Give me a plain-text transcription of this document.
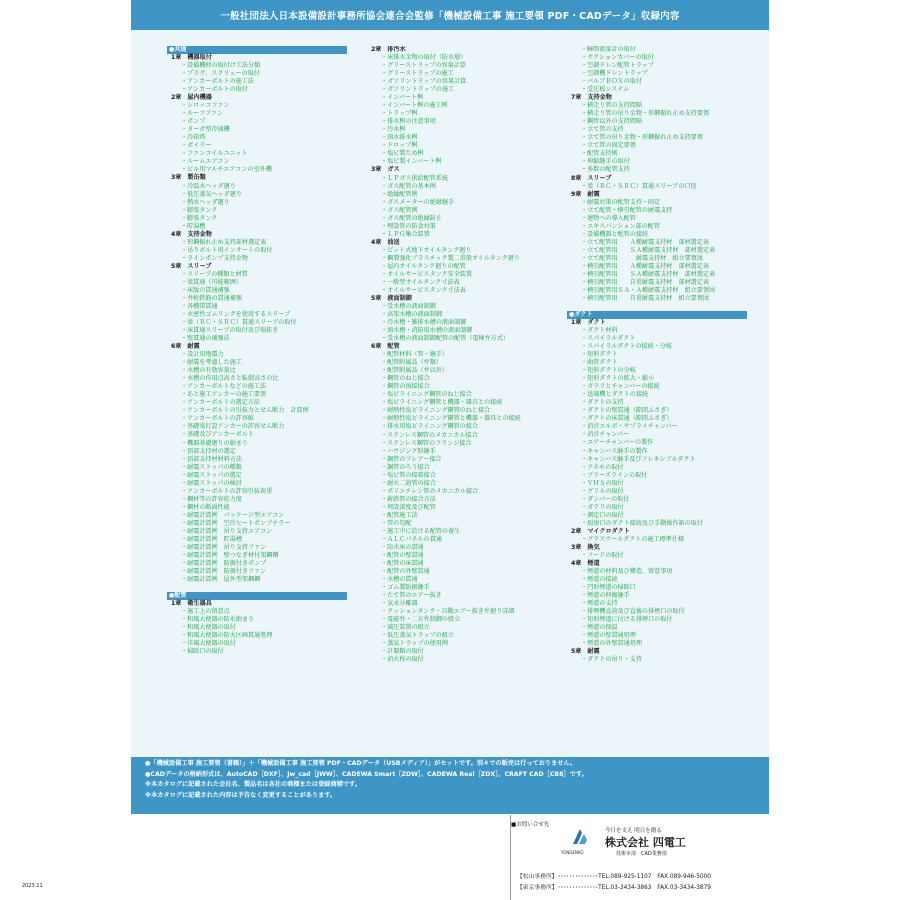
一般社団法人日本設備設計事務所協会連合会監修「機械設備工事 施工要領 PDF・CADデータ」収録内容
●共通
1章　機器取付
・設備機材の取付け工法分類
・プラグ、スクリューの取付
・アンカーボルトの施工法
・アンカーボルトの取付
2章　屋内機器
・シロッコファン
・ルーフファン
・ポンプ
・ターボ型冷凍機
・冷却塔
・ボイラー
・ファンコイルユニット
・ルームエアコン
・ビル用マルチエアコンの室外機
3章　製缶類
・冷温水ヘッダ廻り
・低圧蒸気ヘッダ廻り
・熱水ヘッダ廻り
・膨張タンク
・膨張タンク
・貯湯槽
4章　支持金物
・形鋼振れ止め支持部材選定表
・吊りボルト用インサートの取付
・ラインポンプ支持金物
5章　スリーブ
・スリーブの種類と材質
・梁貫通（可能範囲）
・床版の貫通補強
・井桁鉄筋の貫通補強
・各種帯貫通
・水密性ゴムリングを使用するスリーブ
・梁（ＲＣ・ＳＲＣ）貫通スリーブの取付
・床貫通スリーブの取付及び端抜き
・壁貫通の補強法
6章　耐震
・設計用地震力
・耐震を考慮した施工
・水槽の有効容量比
・水槽の作用点高さと転倒高さの比
・アンカーボルトなどの施工法
・あと施工アンカーの施工要領
・アンカーボルトの選定方法
・アンカーボルトの引抜力とせん断力　計算例
・アンカーボルトの許容値
・基礎梁打設アンカーの許容せん断力
・基礎及びアンカーボルト
・機器基礎廻りの納まり
・頂部支持材の選定
・頂部支持材材料方法
・耐震ストッパの種類
・耐震ストッパの選定
・耐震ストッパの検討
・アンカーボルトの許容引抜荷重
・鋼材等の許容応力度
・鋼材の断面性能
・耐震計算例　パッケージ型エアコン
・耐震計算例　空冷ヒートポンプチラー
・耐震計算例　吊り支持エアコン
・耐震計算例　貯湯槽
・耐震計算例　吊り支持ファン
・耐震計算例　壁つなぎ材付架鋼鋼
・耐震計算例　防振付きポンプ
・耐震計算例　防振付きファン
・耐震計算例　屋外型架鋼鋼
●配管
1章　衛生器具
・施工上の留意点
・和風大便器の防水納まり
・和風大便器の取付
・和風大便器の防火区画貫通処理
・洋風大便器の取付
・掃除口の取付
2章　排汚水
・床排水金物の取付（防水層）
・グリーストラップの容量計算
・グリーストラップの施工
・ガソリントラップの容量計算
・ガソリントラップの施工
・インバート桝
・インバート桝の施工例
・トラップ桝
・排水桝の注意事項
・汚水桝
・雨水排水桝
・ドロップ桝
・塩ビ製ため桝
・塩ビ製インバート桝
3章　ガス
・ＬＰガス供給配管系統
・ガス配管の基本例
・絶縁配管例
・ガスメーターの絶縁継手
・ガス配管例
・ガス配管の絶縁防止
・埋設管の防食対策
・ＬＰＧ集合装置
4章　油送
・ピット式地下オイルタンク廻り
・鋼製強化プラスチック製二重殻オイルタンク廻り
・屋内オイルタンク廻りの配管
・オイルサービスタンク安全装置
・一般型オイルタンク寸法表
・オイルサービスタンク寸法表
5章　液面制御
・受水槽の液面制御
・高架水槽の液面制御
・汚水槽・雑排水槽の液面制御
・湧水槽・消防用水槽の液面制御
・受水槽の液面制御配管の配管（電極弁方式）
6章　配管
・配管材料（管・継手）
・配管附属品（弁類）
・配管附属品（弁以外）
・鋼管のねじ接合
・鋼管の溶接接合
・塩ビライニング鋼管のねじ接合
・塩ビライニング鋼管と機器・器具との接続
・耐熱性塩ビライニング鋼管のねじ接合
・耐熱性塩ビライニング鋼管と機器・器具との接続
・排水用塩ビライニング鋼管の接合
・ステンレス鋼管のメカニカル接合
・ステンレス鋼管のフランジ接合
・ハウジング形継手
・銅管のフレアー接合
・銅管のろう接合
・塩ビ管の接着接合
・耐火二層管の接合
・ポリエチレン管のメカニカル接合
・鋳鉄管の接合方法
・埋設深度及び配管
・配管施工法
・管の勾配
・施工中に於ける配管の養生
・ＡＬＣパネルの貫通
・防水床の貫通
・配管の壁貫通
・配管の床貫通
・配管の外壁貫通
・水槽の貫通
・ゴム製防振継手
・たて管のエアー抜き
・気水分離器
・クッションタンク・自動エアー抜き弁廻り詳細
・電磁弁・二方弁制御の組立
・減圧装置の組立
・低圧蒸気トラップの組立
・蒸気トラップの使用例
・計器類の取付
・消火栓の取付
・瞬間流量計の取付
・サクションカバーの取付
・空調ドレン配管トラップ
・空調機ドレントラップ
・バルブＢＯＸの取付
・受圧板システム
7章　支持金物
・横走り管の支持間隔
・横走り管の吊り金物・形鋼振れ止め支持要領
・鋼管以外の支持間隔
・立て管の支持
・立て管の吊り金物・形鋼振れ止め支持要領
・立て管の固定要領
・配管支持例
・伸縮継手の取付
・多数の配管支持
8章　スリーブ
・梁（ＲＣ・ＳＲＣ）貫通スリーブの口径
9章　耐震
・耐震対策の配管支持・固定
・立て配管・横引配管の耐震支持
・建物への導入配管
・エキスパンション部の配管
・設備機器と配管の接続
・立て配管用　　Ａ種耐震支持材　部材選定表
・立て配管用　　ＳＡ種耐震支持材　部材選定表
・立て配管用　　　耐震支持材　組立要領図
・横引配管用　　Ａ種耐震支持材　部材選定表
・横引配管用　　ＳＡ種耐震支持材　部材選定表
・横引配管用　　自重耐震支持材　部材選定表
・横引配管用ＳＡ・Ａ種耐震支持材　組立要領図
・横引配管用　　自重耐震支持材　組立要領図
●ダクト
1章　ダクト
・ダクト材料
・スパイラルダクト
・スパイラルダクトの接続・分岐
・矩形ダクト
・曲管ダクト
・矩形ダクトの分岐
・矩形ダクトの拡大・縮小
・ガラリとチャンバーの接続
・送風機とダクトの接続
・ダクトの支持
・ダクトの壁貫通（隙間ふさぎ）
・ダクトの床貫通（隙間ふさぎ）
・消音エルボ・サプライチャンバー
・消音チャンバー
・エアーチャンバーの製作
・キャンバス継手の製作
・キャンバス継手及びフレキシブルダクト
・アネモの取付
・ブリーズラインの取付
・ＶＨＳの取付
・グリルの取付
・ダンパーの取付
・ガラリの取付
・測定口の取付
・厨房口のダクト接続及び手動操作箱の取付
2章　マイクロダクト
・グラスウールダクトの施工標準仕様
3章　換気
・フードの取付
4章　煙道
・煙道の材料及び構造、留意事項
・煙道の接続
・円形煙道の掃除口
・煙道の伸縮継手
・煙道の支持
・排煙機直前及び直後の排煙口の取付
・矩形煙道に付ける排煙口の取付
・煙道の保温
・煙道の壁貫通処理
・煙道の外壁貫通処理
5章　耐震
・ダクトの吊り・支持
●「機械設備工事 施工要領（書籍）」＋「機械設備工事 施工要領 PDF・CADデータ（USBメディア）」がセットです。別々での販売は行っておりません。
●CADデータの格納形式は、AutoCAD［DXF］、Jw_cad［JWW］、CADEWA Smart［ZDW］、CADEWA Real［ZDX］、CRAFT CAD［CB8］です。
※本カタログに記載された会社名、製品名は各社の商標または登録商標です。
※本カタログに記載された内容は予告なく変更することがあります。
■お問い合せ先
YONDENKO
今日を支え 明日を創る
株式会社 四電工
技術本部　CAD業務部
【松山事務所】･･････････････TEL.089-925-1107　FAX.089-946-5000
【東京事務所】･･････････････TEL.03-3434-3863　FAX.03-3434-3879
2023.11
